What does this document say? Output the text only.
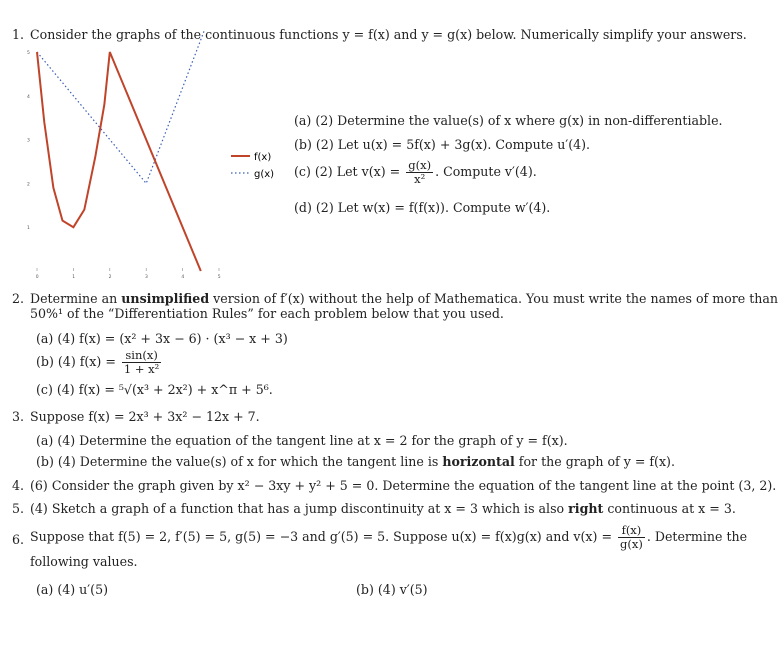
1. Consider the graphs of the continuous functions y = f(x) and y = g(x) below. Numerically simplify your answers.
1
2
3
4
5
0	1	2	3	4	5
f(x)
g(x)
(a) (2) Determine the value(s) of x where g(x) in non-differentiable.
(b) (2) Let u(x) = 5f(x) + 3g(x). Compute u′(4).
(c) (2) Let $v(x) = \frac{g(x)}{\text{x²}}$ . Compute v′(4).
(d) (2) Let w(x) = f(f(x)). Compute w′(4).
2. Determine an unsimplified version of f′(x) without the help of Mathematica. You must write the names of more than
50%¹ of the “Differentiation Rules” for each problem below that you used.
(a) (4) f(x) = (x² + 3x − 6) · (x³ − x + 3)
(b) (4) $f(x) = \frac{\sin(x)}{\text{1 + x²}}$
(c) (4) f(x) = ⁵√(x³ + 2x²) + x^π + 5⁶.
3. Suppose f(x) = 2x³ + 3x² − 12x + 7.
(a) (4) Determine the equation of the tangent line at x = 2 for the graph of y = f(x).
(b) (4) Determine the value(s) of x for which the tangent line is horizontal for the graph of y = f(x).
4. (6) Consider the graph given by x² − 3xy + y² + 5 = 0. Determine the equation of the tangent line at the point (3, 2).
5. (4) Sketch a graph of a function that has a jump discontinuity at x = 3 which is also right continuous at x = 3.
6. Suppose that f(5) = 2, f′(5) = 5, g(5) = −3 and g′(5) = 5. Suppose u(x) = f(x)g(x) and $v(x) = \frac{f(x)}{g(x)}$ . Determine the
following values.
(a) (4) u′(5)	(b) (4) v′(5)
